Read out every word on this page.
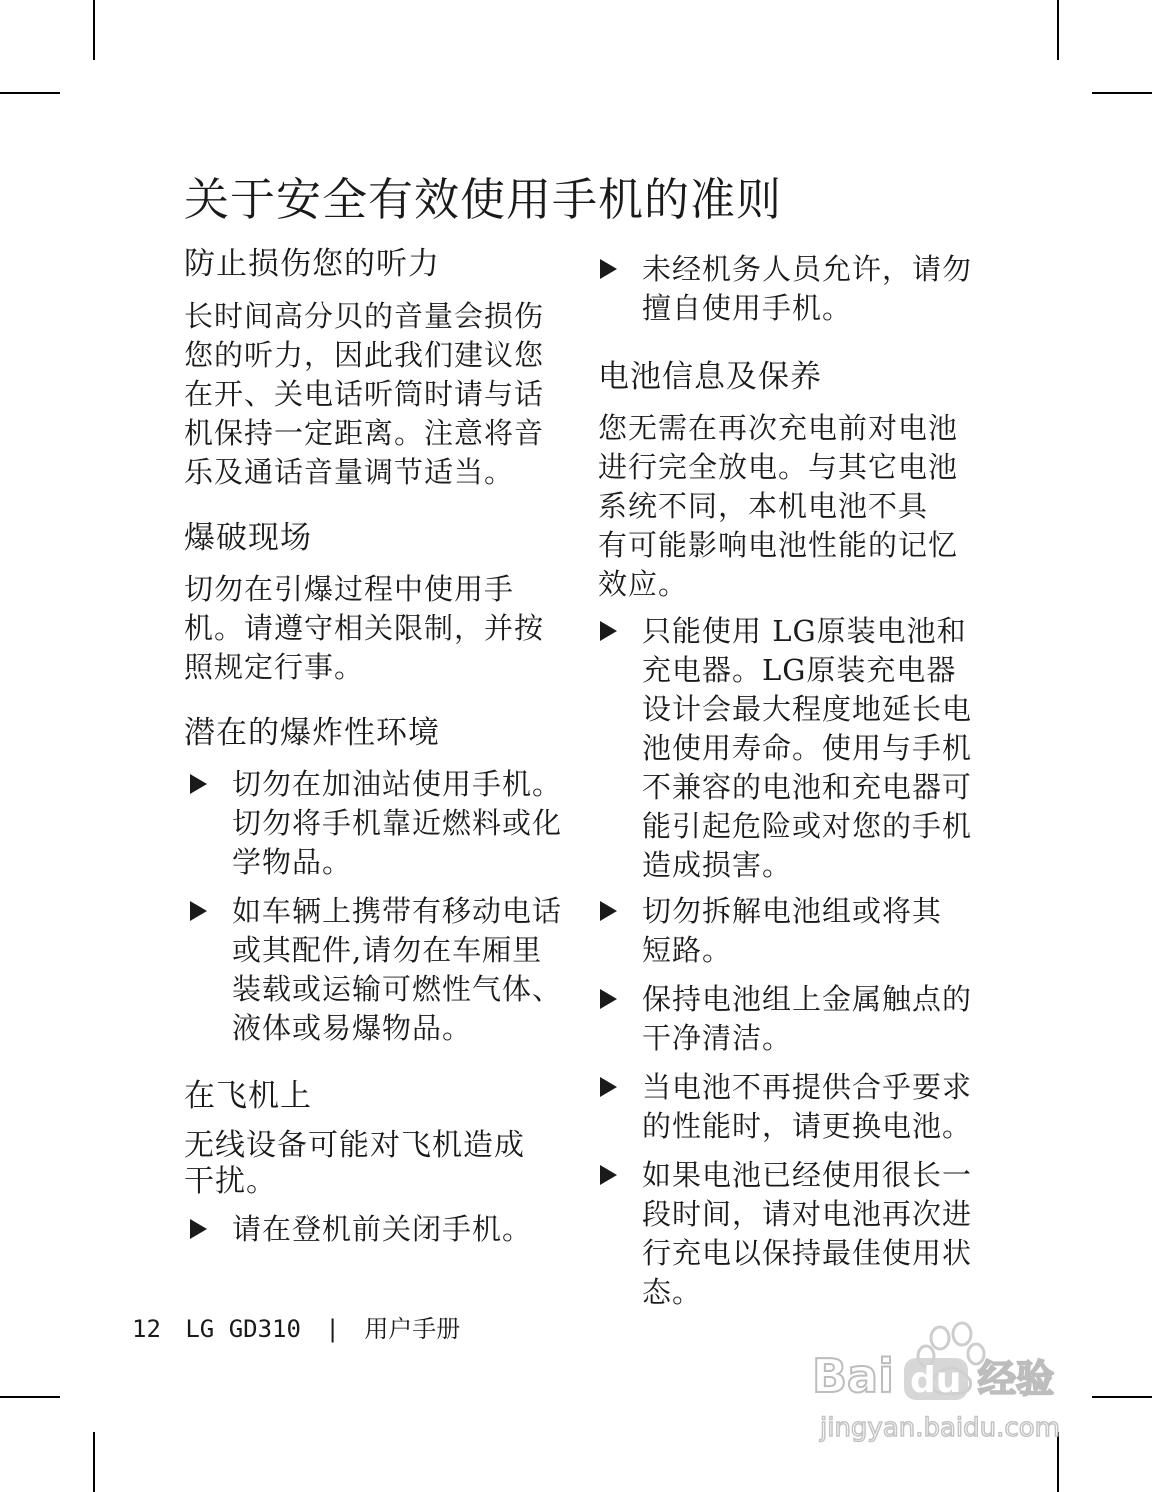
关于安全有效使用手机的准则
防止损伤您的听力

长时间高分贝的音量会损伤您的听力，因此我们建议您在开、关电话听筒时请与话机保持一定距离。注意将音乐及通话音量调节适当。

爆破现场

切勿在引爆过程中使用手机。请遵守相关限制，并按照规定行事。

潜在的爆炸性环境

切勿在加油站使用手机。切勿将手机靠近燃料或化学物品。

如车辆上携带有移动电话或其配件,请勿在车厢里装载或运输可燃性气体、液体或易爆物品。

在飞机上
无线设备可能对飞机造成干扰。

请在登机前关闭手机。

未经机务人员允许，请勿擅自使用手机。

电池信息及保养

您无需在再次充电前对电池
进行完全放电。与其它电池
系统不同，本机电池不具
有可能影响电池性能的记忆
效应。

只能使用 LG原装电池和充电器。LG原装充电器设计会最大程度地延长电池使用寿命。使用与手机不兼容的电池和充电器可能引起危险或对您的手机造成损害。

切勿拆解电池组或将其短路。

保持电池组上金属触点的干净清洁。

当电池不再提供合乎要求的性能时，请更换电池。

如果电池已经使用很长一段时间，请对电池再次进行充电以保持最佳使用状态。

12 LG GD310 | 用户手册
Bai du 经验
jingyan.baidu.com
